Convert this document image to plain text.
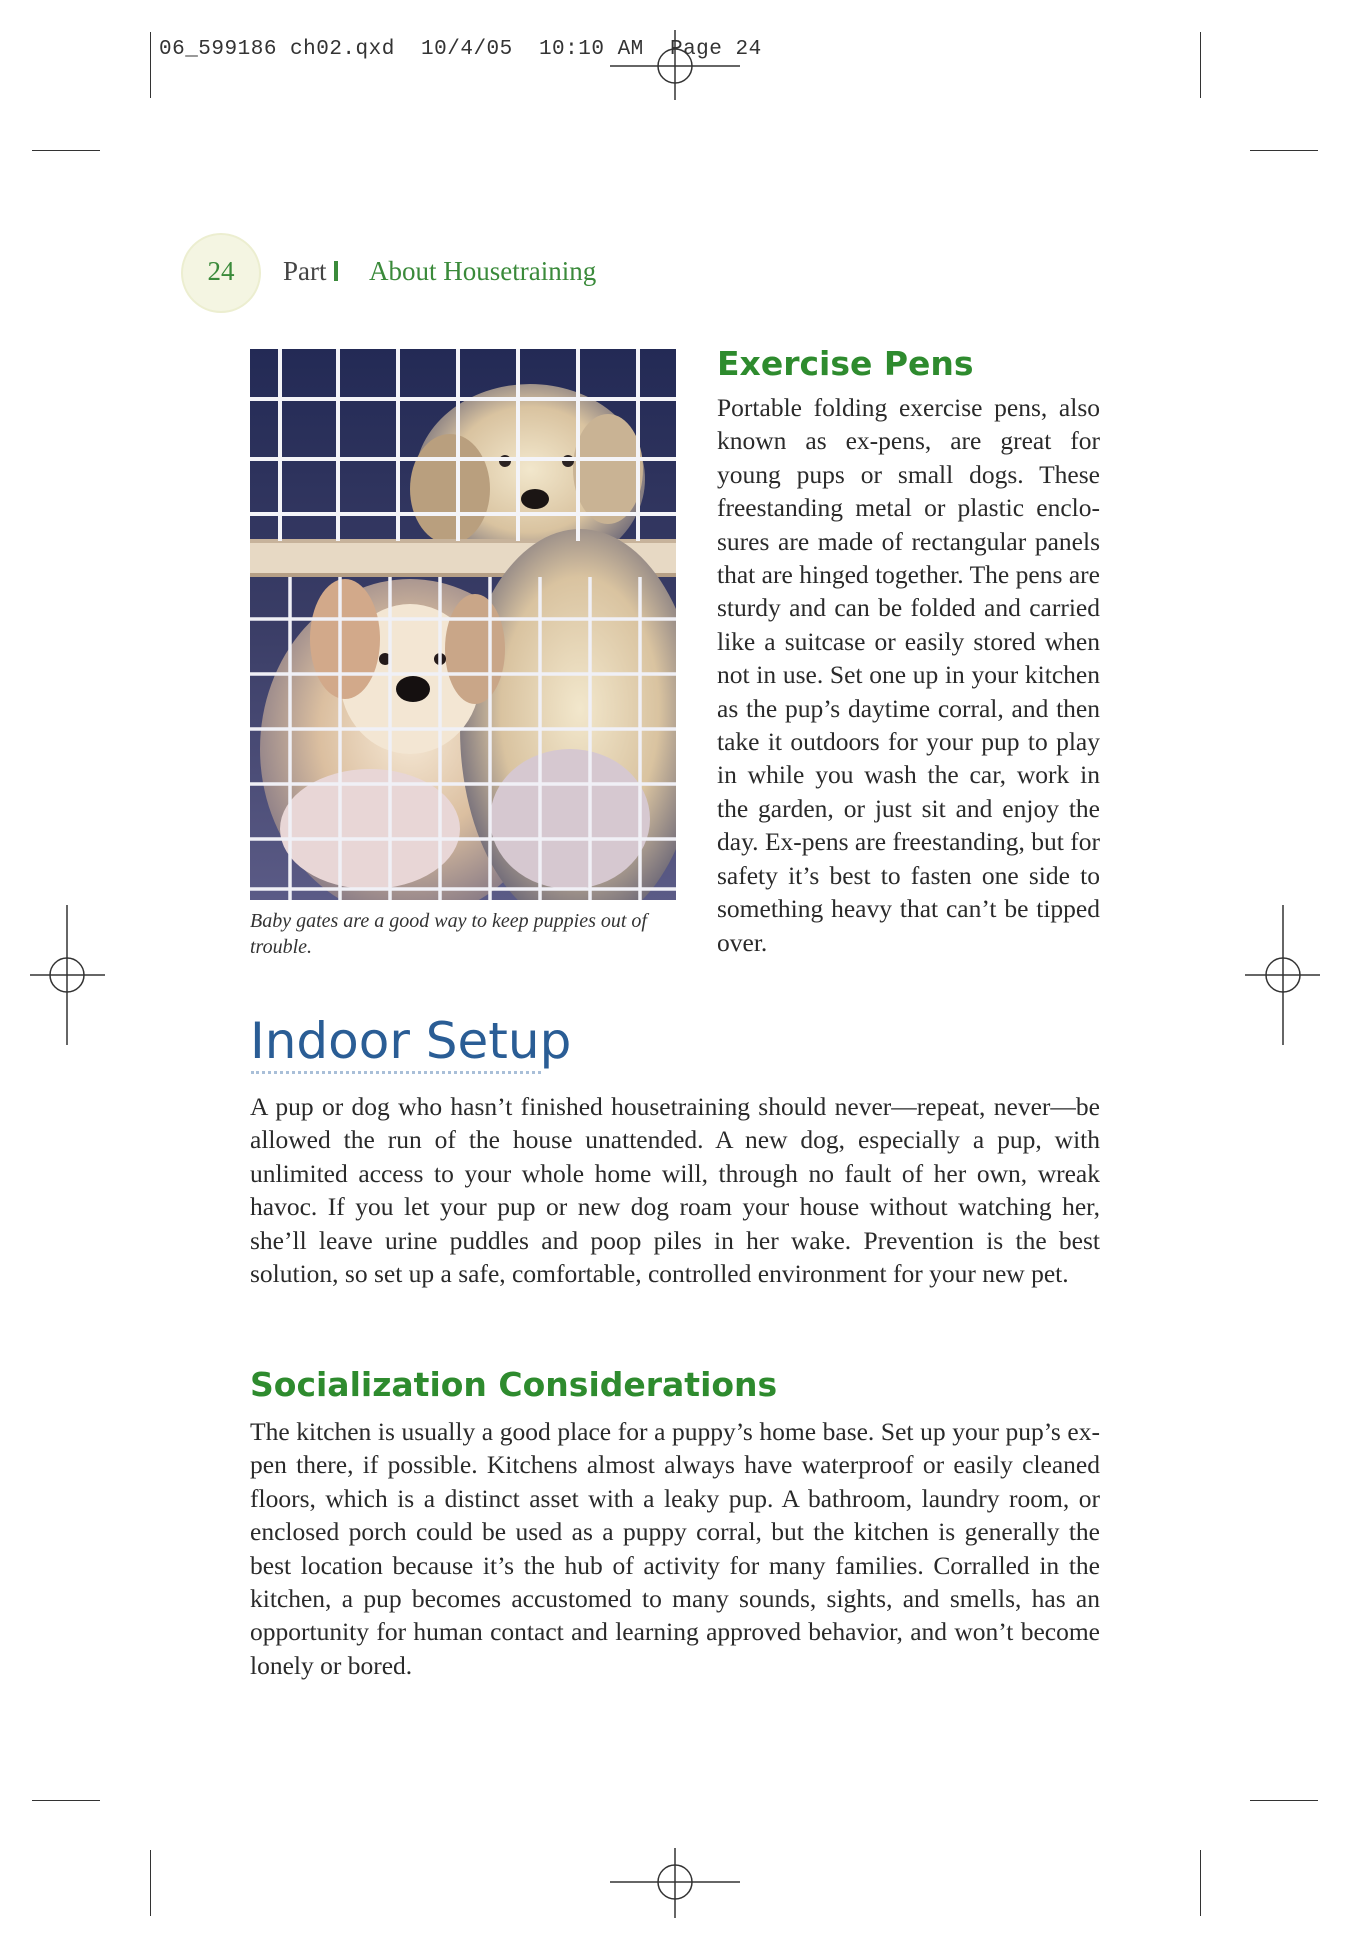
06_599186 ch02.qxd  10/4/05  10:10 AM  Page 24
24	Part About Housetraining
Baby gates are a good way to keep puppies out of trouble.
Exercise Pens
Portable folding exercise pens, also known as ex-pens, are great for young pups or small dogs. These freestanding metal or plastic enclosures are made of rectangular panels that are hinged together. The pens are sturdy and can be folded and carried like a suitcase or easily stored when not in use. Set one up in your kitchen as the pup’s daytime corral, and then take it outdoors for your pup to play in while you wash the car, work in the garden, or just sit and enjoy the day. Ex-pens are freestanding, but for safety it’s best to fasten one side to something heavy that can’t be tipped over.
Indoor Setup
A pup or dog who hasn’t finished housetraining should never—repeat, never—be allowed the run of the house unattended. A new dog, especially a pup, with unlimited access to your whole home will, through no fault of her own, wreak havoc. If you let your pup or new dog roam your house without watching her, she’ll leave urine puddles and poop piles in her wake. Prevention is the best solution, so set up a safe, comfortable, controlled environment for your new pet.
Socialization Considerations
The kitchen is usually a good place for a puppy’s home base. Set up your pup’s ex-pen there, if possible. Kitchens almost always have waterproof or easily cleaned floors, which is a distinct asset with a leaky pup. A bathroom, laundry room, or enclosed porch could be used as a puppy corral, but the kitchen is generally the best location because it’s the hub of activity for many families. Corralled in the kitchen, a pup becomes accustomed to many sounds, sights, and smells, has an opportunity for human contact and learning approved behavior, and won’t become lonely or bored.
